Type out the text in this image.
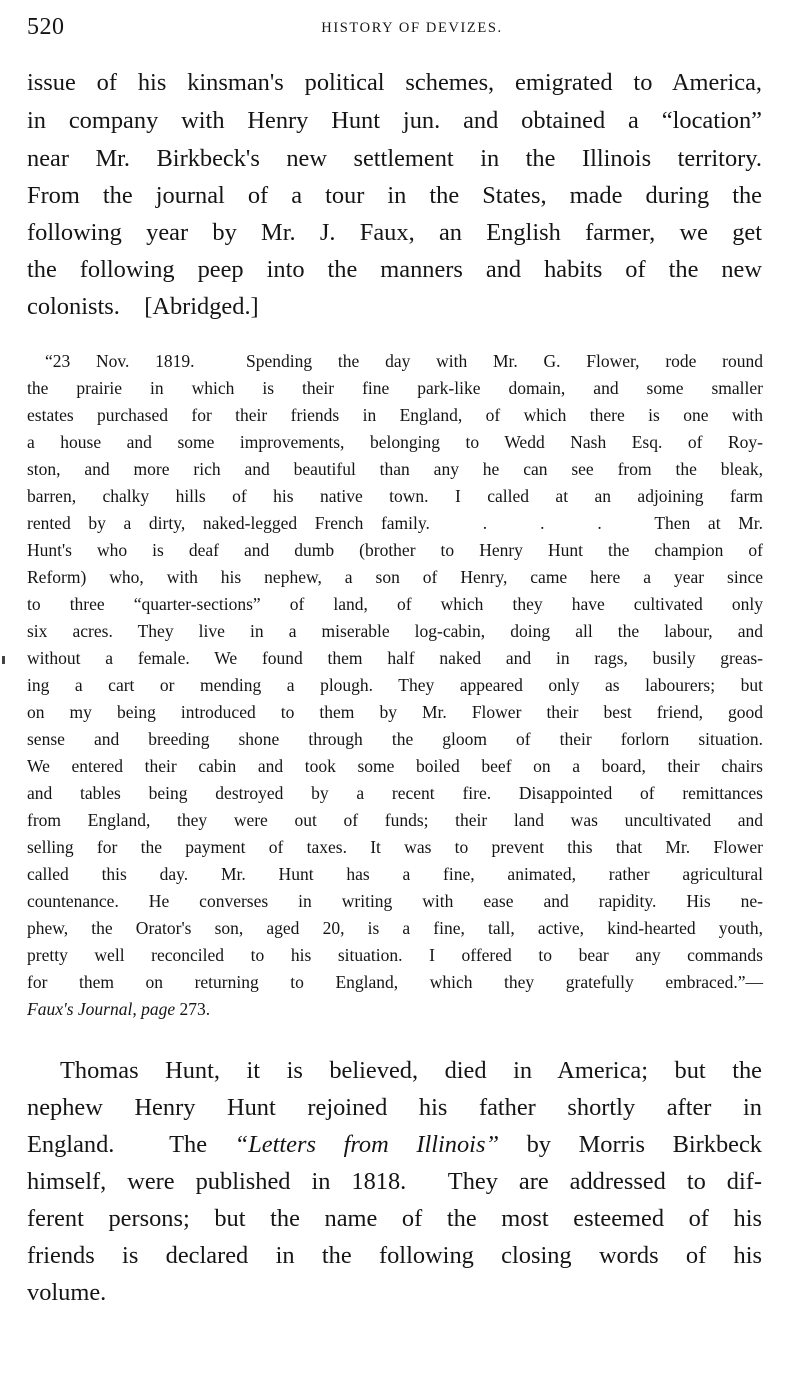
520	HISTORY OF DEVIZES.
issue of his kinsman's political schemes, emigrated to America,
in company with Henry Hunt jun. and obtained a “location”
near Mr. Birkbeck's new settlement in the Illinois territory.
From the journal of a tour in the States, made during the
following year by Mr. J. Faux, an English farmer, we get
the following peep into the manners and habits of the new
colonists.    [Abridged.]
“23 Nov. 1819.  Spending the day with Mr. G. Flower, rode round
the prairie in which is their fine park-like domain, and some smaller
estates purchased for their friends in England, of which there is one with
a house and some improvements, belonging to Wedd Nash Esq. of Roy-
ston, and more rich and beautiful than any he can see from the bleak,
barren, chalky hills of his native town. I called at an adjoining farm
rented by a dirty, naked-legged French family.   .   .   .   Then at Mr.
Hunt's who is deaf and dumb (brother to Henry Hunt the champion of
Reform) who, with his nephew, a son of Henry, came here a year since
to three “quarter-sections” of land, of which they have cultivated only
six acres. They live in a miserable log-cabin, doing all the labour, and
without a female. We found them half naked and in rags, busily greas-
ing a cart or mending a plough. They appeared only as labourers; but
on my being introduced to them by Mr. Flower their best friend, good
sense and breeding shone through the gloom of their forlorn situation.
We entered their cabin and took some boiled beef on a board, their chairs
and tables being destroyed by a recent fire. Disappointed of remittances
from England, they were out of funds; their land was uncultivated and
selling for the payment of taxes. It was to prevent this that Mr. Flower
called this day. Mr. Hunt has a fine, animated, rather agricultural
countenance. He converses in writing with ease and rapidity. His ne-
phew, the Orator's son, aged 20, is a fine, tall, active, kind-hearted youth,
pretty well reconciled to his situation. I offered to bear any commands
for them on returning to England, which they gratefully embraced.”—
Faux's Journal, page 273.
Thomas Hunt, it is believed, died in America; but the
nephew Henry Hunt rejoined his father shortly after in
England.  The “Letters from Illinois” by Morris Birkbeck
himself, were published in 1818.  They are addressed to dif-
ferent persons; but the name of the most esteemed of his
friends is declared in the following closing words of his
volume.
